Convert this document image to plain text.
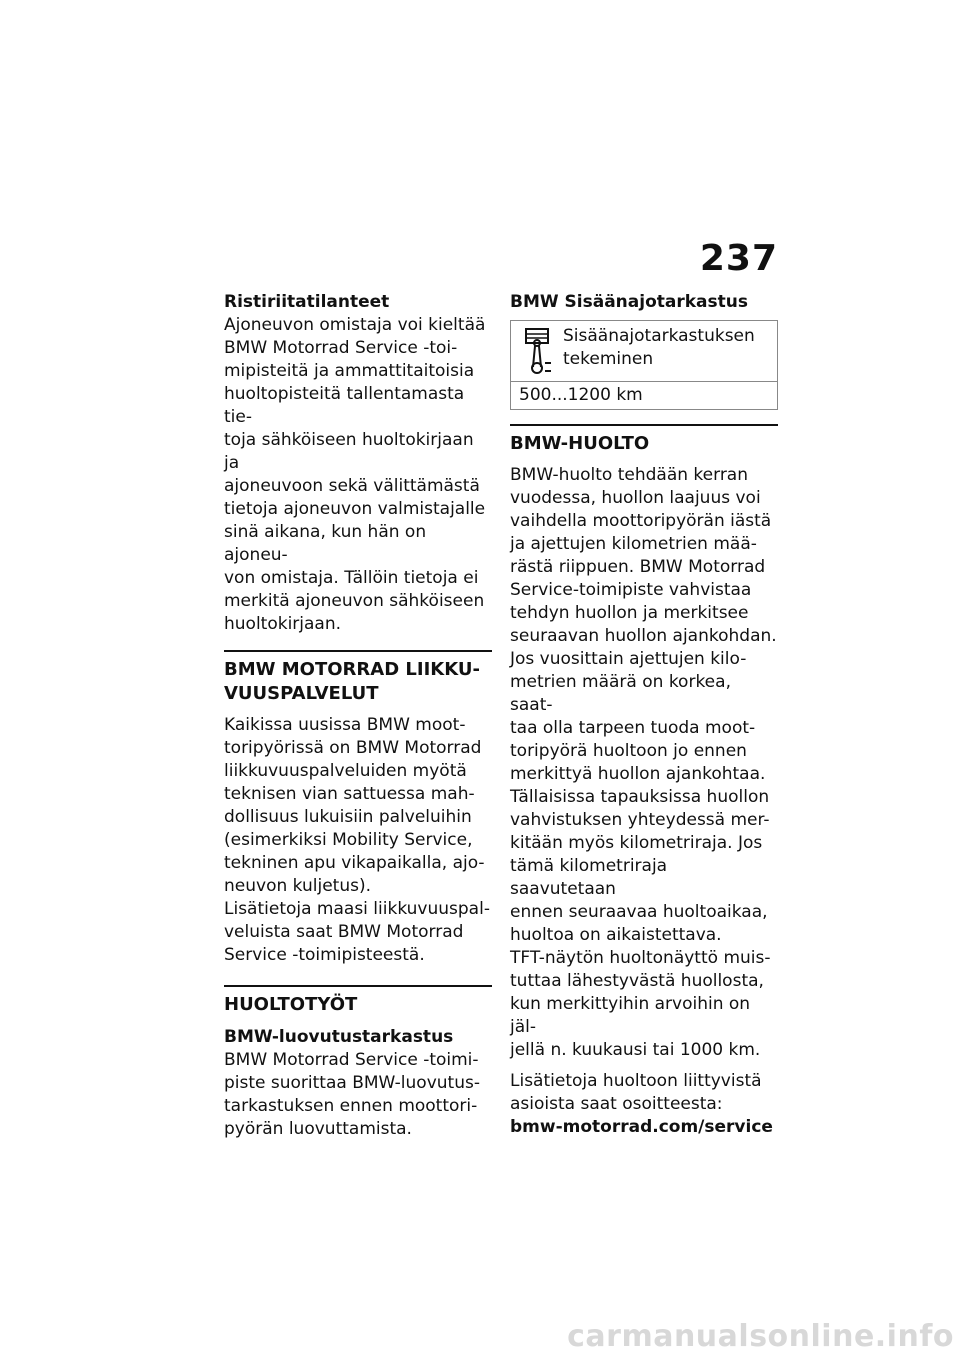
237
Ristiriitatilanteet

Ajoneuvon omistaja voi kieltää
BMW Motorrad Service -toi-
mipisteitä ja ammattitaitoisia
huoltopisteitä tallentamasta tie-
toja sähköiseen huoltokirjaan ja
ajoneuvoon sekä välittämästä
tietoja ajoneuvon valmistajalle
sinä aikana, kun hän on ajoneu-
von omistaja. Tällöin tietoja ei
merkitä ajoneuvon sähköiseen
huoltokirjaan.

BMW MOTORRAD LIIKKU-
VUUSPALVELUT

Kaikissa uusissa BMW moot-
toripyörissä on BMW Motorrad
liikkuvuuspalveluiden myötä
teknisen vian sattuessa mah-
dollisuus lukuisiin palveluihin
(esimerkiksi Mobility Service,
tekninen apu vikapaikalla, ajo-
neuvon kuljetus).

Lisätietoja maasi liikkuvuuspal-
veluista saat BMW Motorrad
Service -toimipisteestä.

HUOLTOTYÖT
BMW-luovutustarkastus

BMW Motorrad Service -toimi-
piste suorittaa BMW-luovutus-
tarkastuksen ennen moottori-
pyörän luovuttamista.

BMW Sisäänajotarkastus
Sisäänajotarkastuksen
tekeminen
500...1200 km
BMW-HUOLTO

BMW-huolto tehdään kerran
vuodessa, huollon laajuus voi
vaihdella moottoripyörän iästä
ja ajettujen kilometrien mää-
rästä riippuen. BMW Motorrad
Service-toimipiste vahvistaa
tehdyn huollon ja merkitsee
seuraavan huollon ajankohdan.

Jos vuosittain ajettujen kilo-
metrien määrä on korkea, saat-
taa olla tarpeen tuoda moot-
toripyörä huoltoon jo ennen
merkittyä huollon ajankohtaa.
Tällaisissa tapauksissa huollon
vahvistuksen yhteydessä mer-
kitään myös kilometriraja. Jos
tämä kilometriraja saavutetaan
ennen seuraavaa huoltoaikaa,
huoltoa on aikaistettava.

TFT-näytön huoltonäyttö muis-
tuttaa lähestyvästä huollosta,
kun merkittyihin arvoihin on jäl-
jellä n. kuukausi tai 1000 km.

Lisätietoja huoltoon liittyvistä
asioista saat osoitteesta:

bmw-motorrad.com/service
carmanualsonline.info
